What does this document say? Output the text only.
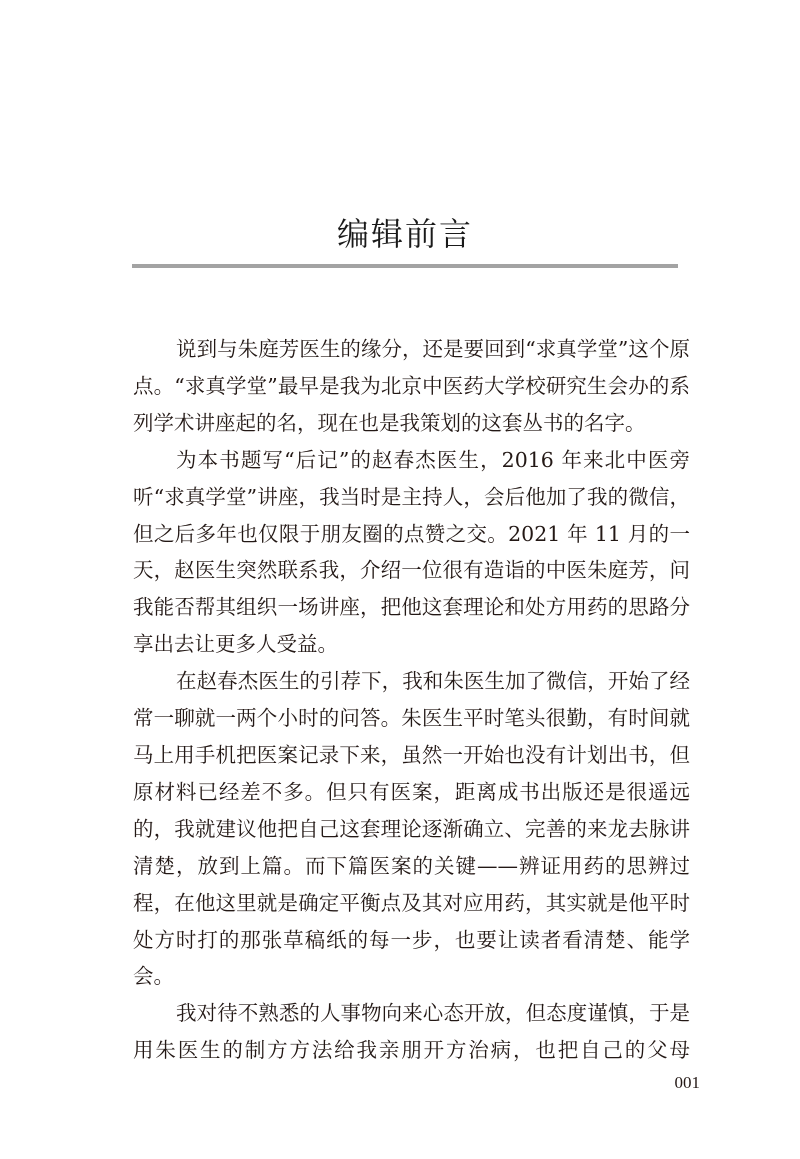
编辑前言

说到与朱庭芳医生的缘分，还是要回到“求真学堂”这个原点。“求真学堂”最早是我为北京中医药大学校研究生会办的系列学术讲座起的名，现在也是我策划的这套丛书的名字。

为本书题写“后记”的赵春杰医生，2016 年来北中医旁听“求真学堂”讲座，我当时是主持人，会后他加了我的微信，但之后多年也仅限于朋友圈的点赞之交。2021 年 11 月的一天，赵医生突然联系我，介绍一位很有造诣的中医朱庭芳，问我能否帮其组织一场讲座，把他这套理论和处方用药的思路分享出去让更多人受益。

在赵春杰医生的引荐下，我和朱医生加了微信，开始了经常一聊就一两个小时的问答。朱医生平时笔头很勤，有时间就马上用手机把医案记录下来，虽然一开始也没有计划出书，但原材料已经差不多。但只有医案，距离成书出版还是很遥远的，我就建议他把自己这套理论逐渐确立、完善的来龙去脉讲清楚，放到上篇。而下篇医案的关键——辨证用药的思辨过程，在他这里就是确定平衡点及其对应用药，其实就是他平时处方时打的那张草稿纸的每一步，也要让读者看清楚、能学会。

我对待不熟悉的人事物向来心态开放，但态度谨慎，于是用朱医生的制方方法给我亲朋开方治病，也把自己的父母

001
